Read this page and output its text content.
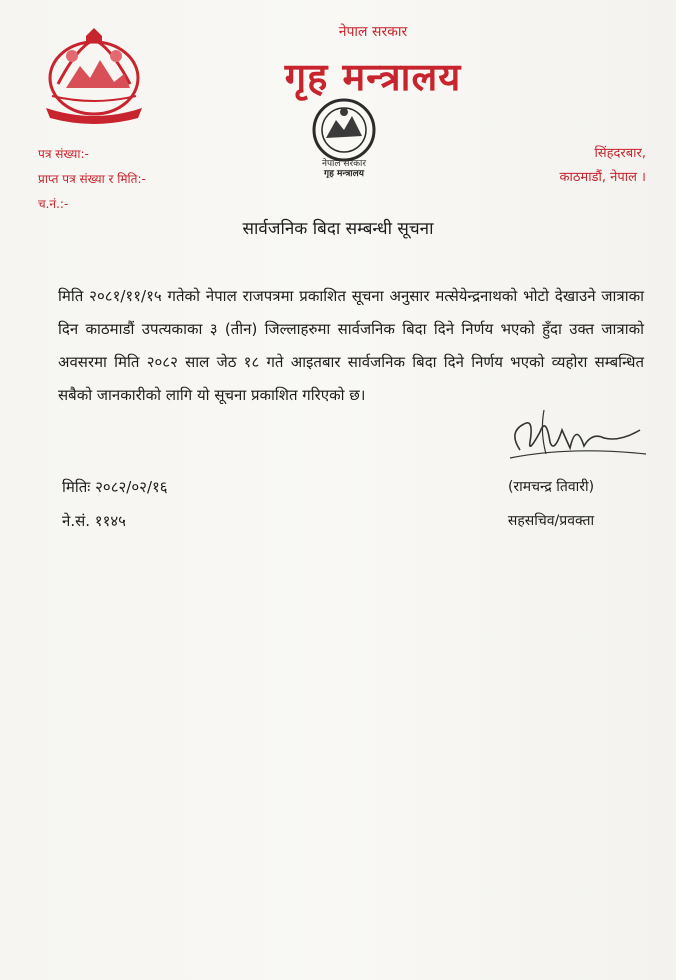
नेपाल सरकार
गृह मन्त्रालय
नेपाल सरकार
गृह मन्त्रालय
पत्र संख्या:-
प्राप्त पत्र संख्या र मिति:-
च.नं.:-
सिंहदरबार,
काठमाडौं, नेपाल ।
सार्वजनिक बिदा सम्बन्धी सूचना
मिति २०८१/११/१५ गतेको नेपाल राजपत्रमा प्रकाशित सूचना अनुसार मत्सेयेन्द्रनाथको भोटो देखाउने जात्राका दिन काठमाडौं उपत्यकाका ३ (तीन) जिल्लाहरुमा सार्वजनिक बिदा दिने निर्णय भएको हुँदा उक्त जात्राको अवसरमा मिति २०८२ साल जेठ १८ गते आइतबार सार्वजनिक बिदा दिने निर्णय भएको व्यहोरा सम्बन्धित सबैको जानकारीको लागि यो सूचना प्रकाशित गरिएको छ।
मितिः २०८२/०२/१६
ने.सं. ११४५
(रामचन्द्र तिवारी)
सहसचिव/प्रवक्ता
